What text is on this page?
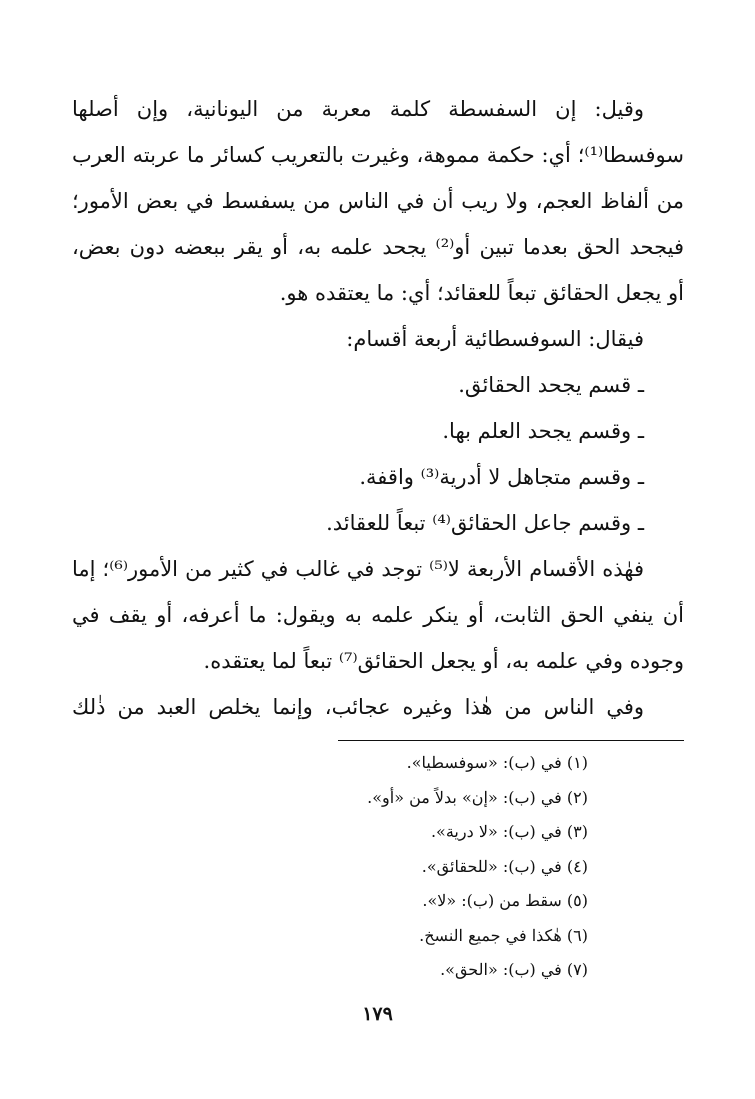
وقيل: إن السفسطة كلمة معربة من اليونانية، وإن أصلها
سوفسطا⁽¹⁾؛ أي: حكمة مموهة، وغيرت بالتعريب كسائر ما عربته العرب
من ألفاظ العجم، ولا ريب أن في الناس من يسفسط في بعض الأمور؛
فيجحد الحق بعدما تبين أو⁽²⁾ يجحد علمه به، أو يقر ببعضه دون بعض،
أو يجعل الحقائق تبعاً للعقائد؛ أي: ما يعتقده هو.
فيقال: السوفسطائية أربعة أقسام:
ـ قسم يجحد الحقائق.
ـ وقسم يجحد العلم بها.
ـ وقسم متجاهل لا أدرية⁽³⁾ واقفة.
ـ وقسم جاعل الحقائق⁽⁴⁾ تبعاً للعقائد.
فهٰذه الأقسام الأربعة لا⁽⁵⁾ توجد في غالب في كثير من الأمور⁽⁶⁾؛ إما
أن ينفي الحق الثابت، أو ينكر علمه به ويقول: ما أعرفه، أو يقف في
وجوده وفي علمه به، أو يجعل الحقائق⁽⁷⁾ تبعاً لما يعتقده.
وفي الناس من هٰذا وغيره عجائب، وإنما يخلص العبد من ذٰلك
(١) في (ب): «سوفسطيا».
(٢) في (ب): «إن» بدلاً من «أو».
(٣) في (ب): «لا درية».
(٤) في (ب): «للحقائق».
(٥) سقط من (ب): «لا».
(٦) هٰكذا في جميع النسخ.
(٧) في (ب): «الحق».
١٧٩
